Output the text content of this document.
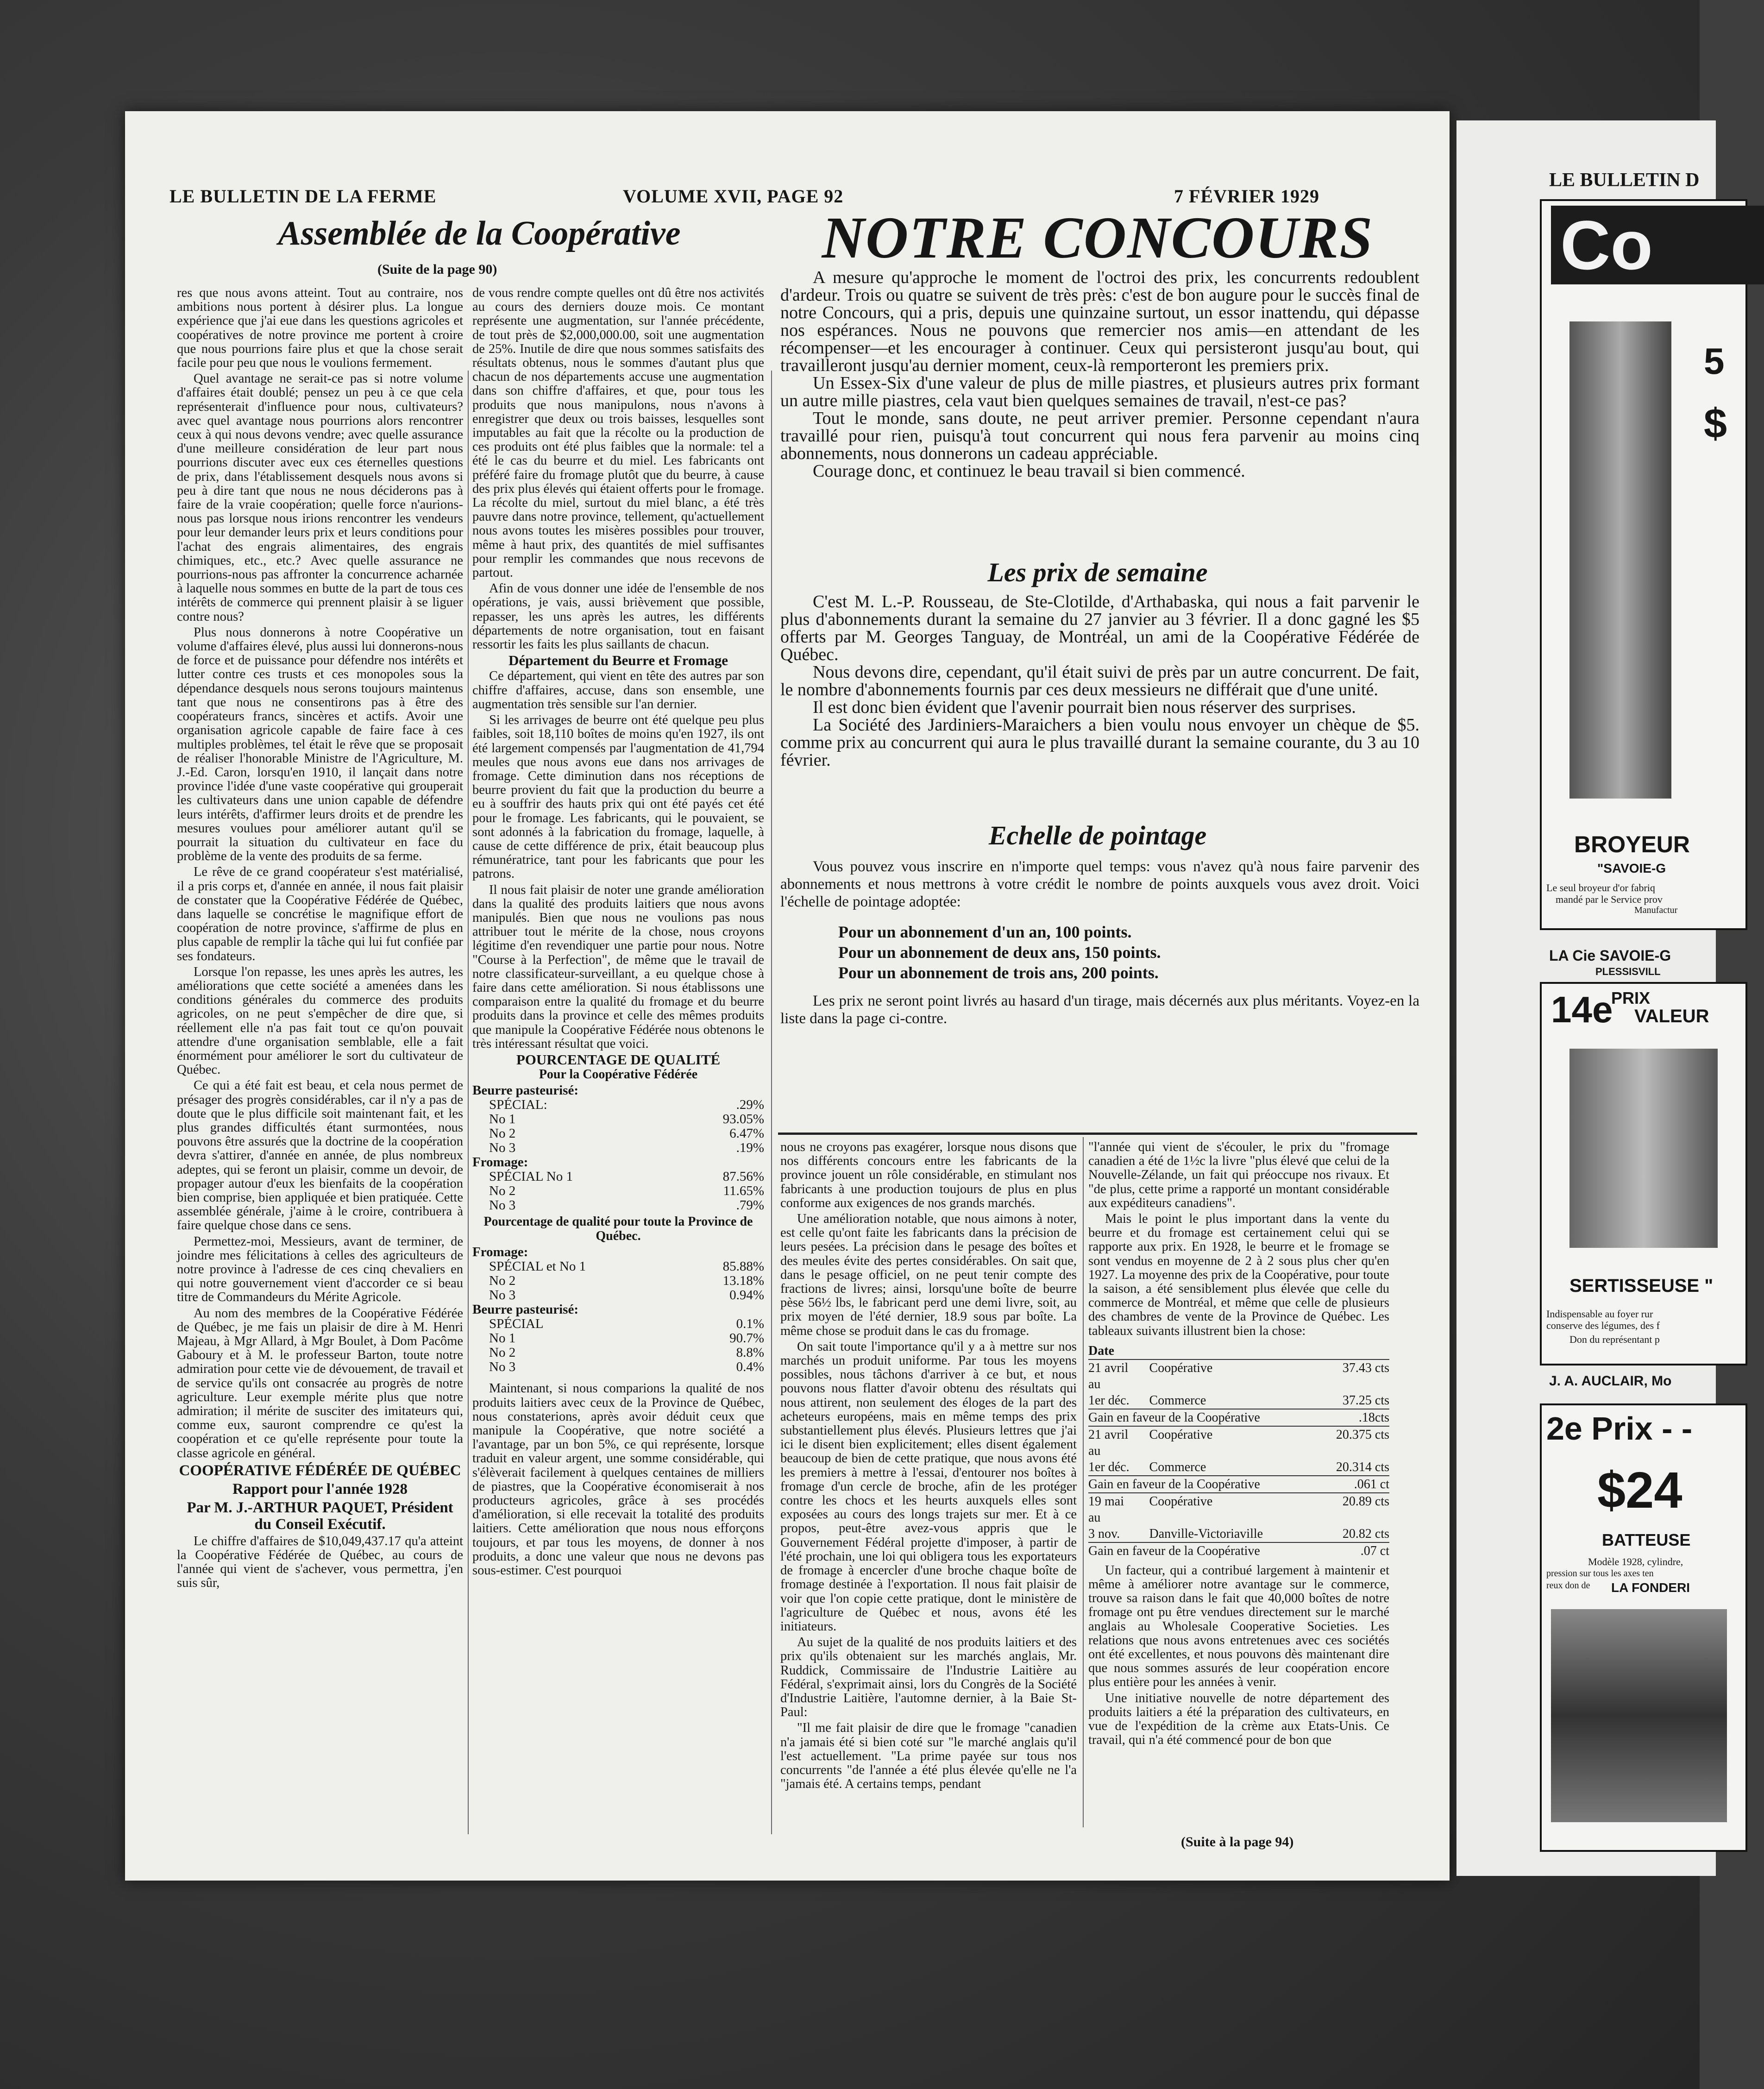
LE BULLETIN DE LA FERME	VOLUME XVII, PAGE 92	7 FÉVRIER 1929
Assemblée de la Coopérative	NOTRE CONCOURS
(Suite de la page 90)

res que nous avons atteint. Tout au contraire, nos ambitions nous portent à désirer plus. La longue expérience que j'ai eue dans les questions agricoles et coopératives de notre province me portent à croire que nous pourrions faire plus et que la chose serait facile pour peu que nous le voulions fermement.

Quel avantage ne serait-ce pas si notre volume d'affaires était doublé; pensez un peu à ce que cela représenterait d'influence pour nous, cultivateurs? avec quel avantage nous pourrions alors rencontrer ceux à qui nous devons vendre; avec quelle assurance d'une meilleure considération de leur part nous pourrions discuter avec eux ces éternelles questions de prix, dans l'établissement desquels nous avons si peu à dire tant que nous ne nous déciderons pas à faire de la vraie coopération; quelle force n'aurions-nous pas lorsque nous irions rencontrer les vendeurs pour leur demander leurs prix et leurs conditions pour l'achat des engrais alimentaires, des engrais chimiques, etc., etc.? Avec quelle assurance ne pourrions-nous pas affronter la concurrence acharnée à laquelle nous sommes en butte de la part de tous ces intérêts de commerce qui prennent plaisir à se liguer contre nous?

Plus nous donnerons à notre Coopérative un volume d'affaires élevé, plus aussi lui donnerons-nous de force et de puissance pour défendre nos intérêts et lutter contre ces trusts et ces monopoles sous la dépendance desquels nous serons toujours maintenus tant que nous ne consentirons pas à être des coopérateurs francs, sincères et actifs. Avoir une organisation agricole capable de faire face à ces multiples problèmes, tel était le rêve que se proposait de réaliser l'honorable Ministre de l'Agriculture, M. J.-Ed. Caron, lorsqu'en 1910, il lançait dans notre province l'idée d'une vaste coopérative qui grouperait les cultivateurs dans une union capable de défendre leurs intérêts, d'affirmer leurs droits et de prendre les mesures voulues pour améliorer autant qu'il se pourrait la situation du cultivateur en face du problème de la vente des produits de sa ferme.

Le rêve de ce grand coopérateur s'est matérialisé, il a pris corps et, d'année en année, il nous fait plaisir de constater que la Coopérative Fédérée de Québec, dans laquelle se concrétise le magnifique effort de coopération de notre province, s'affirme de plus en plus capable de remplir la tâche qui lui fut confiée par ses fondateurs.

Lorsque l'on repasse, les unes après les autres, les améliorations que cette société a amenées dans les conditions générales du commerce des produits agricoles, on ne peut s'empêcher de dire que, si réellement elle n'a pas fait tout ce qu'on pouvait attendre d'une organisation semblable, elle a fait énormément pour améliorer le sort du cultivateur de Québec.

Ce qui a été fait est beau, et cela nous permet de présager des progrès considérables, car il n'y a pas de doute que le plus difficile soit maintenant fait, et les plus grandes difficultés étant surmontées, nous pouvons être assurés que la doctrine de la coopération devra s'attirer, d'année en année, de plus nombreux adeptes, qui se feront un plaisir, comme un devoir, de propager autour d'eux les bienfaits de la coopération bien comprise, bien appliquée et bien pratiquée. Cette assemblée générale, j'aime à le croire, contribuera à faire quelque chose dans ce sens.

Permettez-moi, Messieurs, avant de terminer, de joindre mes félicitations à celles des agriculteurs de notre province à l'adresse de ces cinq chevaliers en qui notre gouvernement vient d'accorder ce si beau titre de Commandeurs du Mérite Agricole.

Au nom des membres de la Coopérative Fédérée de Québec, je me fais un plaisir de dire à M. Henri Majeau, à Mgr Allard, à Mgr Boulet, à Dom Pacôme Gaboury et à M. le professeur Barton, toute notre admiration pour cette vie de dévouement, de travail et de service qu'ils ont consacrée au progrès de notre agriculture. Leur exemple mérite plus que notre admiration; il mérite de susciter des imitateurs qui, comme eux, sauront comprendre ce qu'est la coopération et ce qu'elle représente pour toute la classe agricole en général.

COOPÉRATIVE FÉDÉRÉE DE QUÉBEC

Rapport pour l'année 1928

Par M. J.-ARTHUR PAQUET, Président du Conseil Exécutif.

Le chiffre d'affaires de $10,049,437.17 qu'a atteint la Coopérative Fédérée de Québec, au cours de l'année qui vient de s'achever, vous permettra, j'en suis sûr,

de vous rendre compte quelles ont dû être nos activités au cours des derniers douze mois. Ce montant représente une augmentation, sur l'année précédente, de tout près de $2,000,000.00, soit une augmentation de 25%. Inutile de dire que nous sommes satisfaits des résultats obtenus, nous le sommes d'autant plus que chacun de nos départements accuse une augmentation dans son chiffre d'affaires, et que, pour tous les produits que nous manipulons, nous n'avons à enregistrer que deux ou trois baisses, lesquelles sont imputables au fait que la récolte ou la production de ces produits ont été plus faibles que la normale: tel a été le cas du beurre et du miel. Les fabricants ont préféré faire du fromage plutôt que du beurre, à cause des prix plus élevés qui étaient offerts pour le fromage. La récolte du miel, surtout du miel blanc, a été très pauvre dans notre province, tellement, qu'actuellement nous avons toutes les misères possibles pour trouver, même à haut prix, des quantités de miel suffisantes pour remplir les commandes que nous recevons de partout.

Afin de vous donner une idée de l'ensemble de nos opérations, je vais, aussi brièvement que possible, repasser, les uns après les autres, les différents départements de notre organisation, tout en faisant ressortir les faits les plus saillants de chacun.

Département du Beurre et Fromage

Ce département, qui vient en tête des autres par son chiffre d'affaires, accuse, dans son ensemble, une augmentation très sensible sur l'an dernier.

Si les arrivages de beurre ont été quelque peu plus faibles, soit 18,110 boîtes de moins qu'en 1927, ils ont été largement compensés par l'augmentation de 41,794 meules que nous avons eue dans nos arrivages de fromage. Cette diminution dans nos réceptions de beurre provient du fait que la production du beurre a eu à souffrir des hauts prix qui ont été payés cet été pour le fromage. Les fabricants, qui le pouvaient, se sont adonnés à la fabrication du fromage, laquelle, à cause de cette différence de prix, était beaucoup plus rémunératrice, tant pour les fabricants que pour les patrons.

Il nous fait plaisir de noter une grande amélioration dans la qualité des produits laitiers que nous avons manipulés. Bien que nous ne voulions pas nous attribuer tout le mérite de la chose, nous croyons légitime d'en revendiquer une partie pour nous. Notre "Course à la Perfection", de même que le travail de notre classificateur-surveillant, a eu quelque chose à faire dans cette amélioration. Si nous établissons une comparaison entre la qualité du fromage et du beurre produits dans la province et celle des mêmes produits que manipule la Coopérative Fédérée nous obtenons le très intéressant résultat que voici.

POURCENTAGE DE QUALITÉ

Pour la Coopérative Fédérée

Beurre pasteurisé:	
SPÉCIAL:	.29%
No 1	93.05%
No 2	6.47%
No 3	.19%
Fromage:	
SPÉCIAL No 1	87.56%
No 2	11.65%
No 3	.79%

Pourcentage de qualité pour toute la Province de Québec.

Fromage:	
SPÉCIAL et No 1	85.88%
No 2	13.18%
No 3	0.94%
Beurre pasteurisé:	
SPÉCIAL	0.1%
No 1	90.7%
No 2	8.8%
No 3	0.4%

Maintenant, si nous comparions la qualité de nos produits laitiers avec ceux de la Province de Québec, nous constaterions, après avoir déduit ceux que manipule la Coopérative, que notre société a l'avantage, par un bon 5%, ce qui représente, lorsque traduit en valeur argent, une somme considérable, qui s'élèverait facilement à quelques centaines de milliers de piastres, que la Coopérative économiserait à nos producteurs agricoles, grâce à ses procédés d'amélioration, si elle recevait la totalité des produits laitiers. Cette amélioration que nous nous efforçons toujours, et par tous les moyens, de donner à nos produits, a donc une valeur que nous ne devons pas sous-estimer. C'est pourquoi

A mesure qu'approche le moment de l'octroi des prix, les concurrents redoublent d'ardeur. Trois ou quatre se suivent de très près: c'est de bon augure pour le succès final de notre Concours, qui a pris, depuis une quinzaine surtout, un essor inattendu, qui dépasse nos espérances. Nous ne pouvons que remercier nos amis—en attendant de les récompenser—et les encourager à continuer. Ceux qui persisteront jusqu'au bout, qui travailleront jusqu'au dernier moment, ceux-là remporteront les premiers prix.

Un Essex-Six d'une valeur de plus de mille piastres, et plusieurs autres prix formant un autre mille piastres, cela vaut bien quelques semaines de travail, n'est-ce pas?

Tout le monde, sans doute, ne peut arriver premier. Personne cependant n'aura travaillé pour rien, puisqu'à tout concurrent qui nous fera parvenir au moins cinq abonnements, nous donnerons un cadeau appréciable.

Courage donc, et continuez le beau travail si bien commencé.

Les prix de semaine

C'est M. L.-P. Rousseau, de Ste-Clotilde, d'Arthabaska, qui nous a fait parvenir le plus d'abonnements durant la semaine du 27 janvier au 3 février. Il a donc gagné les $5 offerts par M. Georges Tanguay, de Montréal, un ami de la Coopérative Fédérée de Québec.

Nous devons dire, cependant, qu'il était suivi de près par un autre concurrent. De fait, le nombre d'abonnements fournis par ces deux messieurs ne différait que d'une unité.

Il est donc bien évident que l'avenir pourrait bien nous réserver des surprises.

La Société des Jardiniers-Maraichers a bien voulu nous envoyer un chèque de $5. comme prix au concurrent qui aura le plus travaillé durant la semaine courante, du 3 au 10 février.

Echelle de pointage

Vous pouvez vous inscrire en n'importe quel temps: vous n'avez qu'à nous faire parvenir des abonnements et nous mettrons à votre crédit le nombre de points auxquels vous avez droit. Voici l'échelle de pointage adoptée:

Pour un abonnement d'un an, 100 points.
Pour un abonnement de deux ans, 150 points.
Pour un abonnement de trois ans, 200 points.

Les prix ne seront point livrés au hasard d'un tirage, mais décernés aux plus méritants. Voyez-en la liste dans la page ci-contre.

nous ne croyons pas exagérer, lorsque nous disons que nos différents concours entre les fabricants de la province jouent un rôle considérable, en stimulant nos fabricants à une production toujours de plus en plus conforme aux exigences de nos grands marchés.

Une amélioration notable, que nous aimons à noter, est celle qu'ont faite les fabricants dans la précision de leurs pesées. La précision dans le pesage des boîtes et des meules évite des pertes considérables. On sait que, dans le pesage officiel, on ne peut tenir compte des fractions de livres; ainsi, lorsqu'une boîte de beurre pèse 56½ lbs, le fabricant perd une demi livre, soit, au prix moyen de l'été dernier, 18.9 sous par boîte. La même chose se produit dans le cas du fromage.

On sait toute l'importance qu'il y a à mettre sur nos marchés un produit uniforme. Par tous les moyens possibles, nous tâchons d'arriver à ce but, et nous pouvons nous flatter d'avoir obtenu des résultats qui nous attirent, non seulement des éloges de la part des acheteurs européens, mais en même temps des prix substantiellement plus élevés. Plusieurs lettres que j'ai ici le disent bien explicitement; elles disent également beaucoup de bien de cette pratique, que nous avons été les premiers à mettre à l'essai, d'entourer nos boîtes à fromage d'un cercle de broche, afin de les protéger contre les chocs et les heurts auxquels elles sont exposées au cours des longs trajets sur mer. Et à ce propos, peut-être avez-vous appris que le Gouvernement Fédéral projette d'imposer, à partir de l'été prochain, une loi qui obligera tous les exportateurs de fromage à encercler d'une broche chaque boîte de fromage destinée à l'exportation. Il nous fait plaisir de voir que l'on copie cette pratique, dont le ministère de l'agriculture de Québec et nous, avons été les initiateurs.

Au sujet de la qualité de nos produits laitiers et des prix qu'ils obtenaient sur les marchés anglais, Mr. Ruddick, Commissaire de l'Industrie Laitière au Fédéral, s'exprimait ainsi, lors du Congrès de la Société d'Industrie Laitière, l'automne dernier, à la Baie St-Paul:

"Il me fait plaisir de dire que le fromage "canadien n'a jamais été si bien coté sur "le marché anglais qu'il l'est actuellement. "La prime payée sur tous nos concurrents "de l'année a été plus élevée qu'elle ne l'a "jamais été. A certains temps, pendant

"l'année qui vient de s'écouler, le prix du "fromage canadien a été de 1½c la livre "plus élevé que celui de la Nouvelle-Zélande, un fait qui préoccupe nos rivaux. Et "de plus, cette prime a rapporté un montant considérable aux expéditeurs canadiens".

Mais le point le plus important dans la vente du beurre et du fromage est certainement celui qui se rapporte aux prix. En 1928, le beurre et le fromage se sont vendus en moyenne de 2 à 2 sous plus cher qu'en 1927. La moyenne des prix de la Coopérative, pour toute la saison, a été sensiblement plus élevée que celle du commerce de Montréal, et même que celle de plusieurs des chambres de vente de la Province de Québec. Les tableaux suivants illustrent bien la chose:

Date		
21 avril	Coopérative	37.43 cts
au		
1er déc.	Commerce	37.25 cts
Gain en faveur de la Coopérative		.18cts
21 avril	Coopérative	20.375 cts
au		
1er déc.	Commerce	20.314 cts
Gain en faveur de la Coopérative		.061 ct
19 mai	Coopérative	20.89 cts
au		
3 nov.	Danville-Victoriaville	20.82 cts
Gain en faveur de la Coopérative		.07 ct

Un facteur, qui a contribué largement à maintenir et même à améliorer notre avantage sur le commerce, trouve sa raison dans le fait que 40,000 boîtes de notre fromage ont pu être vendues directement sur le marché anglais au Wholesale Cooperative Societies. Les relations que nous avons entretenues avec ces sociétés ont été excellentes, et nous pouvons dès maintenant dire que nous sommes assurés de leur coopération encore plus entière pour les années à venir.

Une initiative nouvelle de notre département des produits laitiers a été la préparation des cultivateurs, en vue de l'expédition de la crème aux Etats-Unis. Ce travail, qui n'a été commencé pour de bon que

(Suite à la page 94)
LE BULLETIN D
Co
5
$
BROYEUR
"SAVOIE-G
Le seul broyeur d'or fabriq
mandé par le Service prov
Manufactur
LA Cie SAVOIE-G
PLESSISVILL
14e
PRIX
VALEUR
SERTISSEUSE "
Indispensable au foyer rur
conserve des légumes, des f
Don du représentant p
J. A. AUCLAIR, Mo
2e Prix - -
$24
BATTEUSE
Modèle 1928, cylindre,
pression sur tous les axes ten
reux don de LA FONDERI
